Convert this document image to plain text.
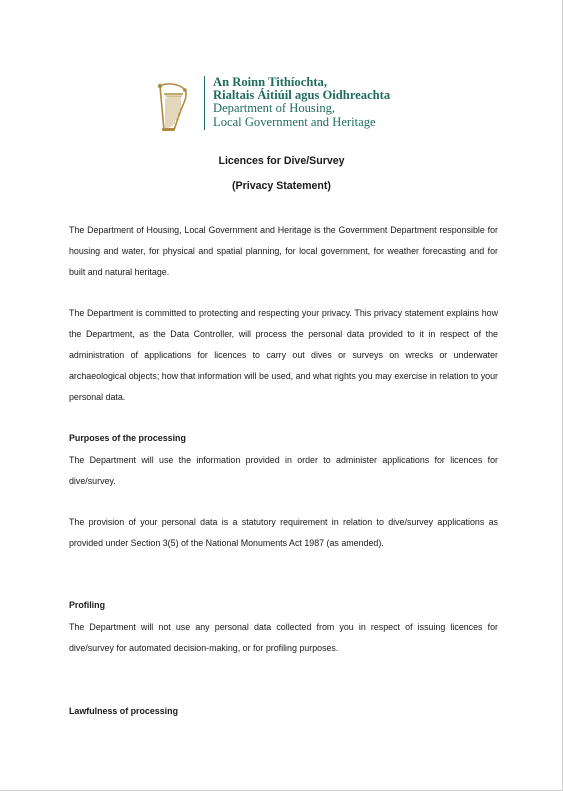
An Roinn Tithíochta,
Rialtais Áitiúil agus Oidhreachta
Department of Housing,
Local Government and Heritage
Licences for Dive/Survey
(Privacy Statement)
The Department of Housing, Local Government and Heritage is the Government Department responsible for housing and water, for physical and spatial planning, for local government, for weather forecasting and for built and natural heritage.
The Department is committed to protecting and respecting your privacy. This privacy statement explains how the Department, as the Data Controller, will process the personal data provided to it in respect of the administration of applications for licences to carry out dives or surveys on wrecks or underwater archaeological objects; how that information will be used, and what rights you may exercise in relation to your personal data.
Purposes of the processing
The Department will use the information provided in order to administer applications for licences for dive/survey.
The provision of your personal data is a statutory requirement in relation to dive/survey applications as provided under Section 3(5) of the National Monuments Act 1987 (as amended).
Profiling
The Department will not use any personal data collected from you in respect of issuing licences for dive/survey for automated decision-making, or for profiling purposes.
Lawfulness of processing
